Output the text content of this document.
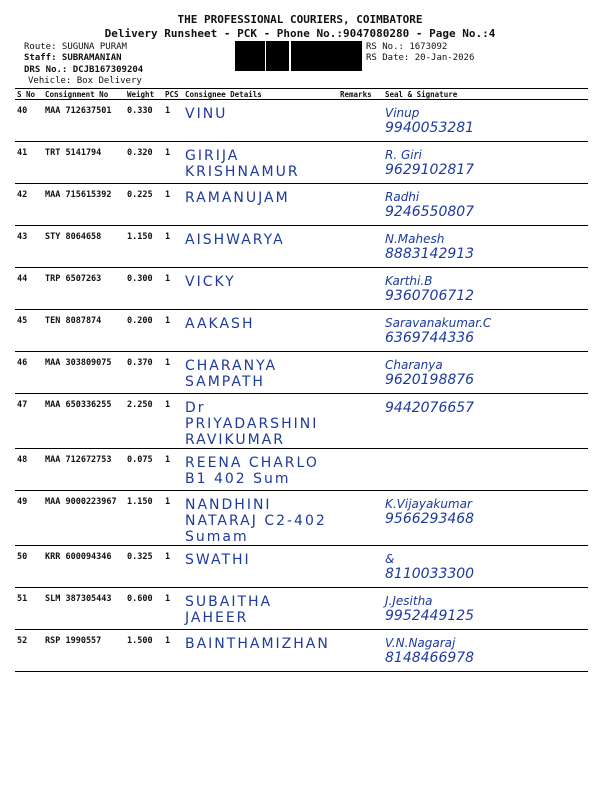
THE PROFESSIONAL COURIERS, COIMBATORE
Delivery Runsheet - PCK - Phone No.:9047080280 - Page No.:4
Route: SUGUNA PURAM
Staff: SUBRAMANIAN
DRS No.: DCJB167309204
Vehicle: Box Delivery
RS No.: 1673092
RS Date: 20-Jan-2026
S No	Consignment No	Weight	PCS	Consignee Details	Remarks	Seal & Signature
40	MAA 712637501	0.330	1	VINU		Vinup
9940053281

41	TRT 5141794	0.320	1	GIRIJA KRISHNAMUR		R. Giri
9629102817

42	MAA 715615392	0.225	1	RAMANUJAM		Radhi
9246550807

43	STY 8064658	1.150	1	AISHWARYA		N.Mahesh
8883142913

44	TRP 6507263	0.300	1	VICKY		Karthi.B
9360706712

45	TEN 8087874	0.200	1	AAKASH		Saravanakumar.C
6369744336

46	MAA 303809075	0.370	1	CHARANYA SAMPATH		Charanya
9620198876

47	MAA 650336255	2.250	1	Dr PRIYADARSHINI RAVIKUMAR		9442076657

48	MAA 712672753	0.075	1	REENA CHARLO B1 402 Sum		

49	MAA 9000223967	1.150	1	NANDHINI NATARAJ C2-402 Sumam		K.Vijayakumar
9566293468

50	KRR 600094346	0.325	1	SWATHI		&
8110033300

51	SLM 387305443	0.600	1	SUBAITHA JAHEER		J.Jesitha
9952449125

52	RSP 1990557	1.500	1	BAINTHAMIZHAN		V.N.Nagaraj
8148466978
